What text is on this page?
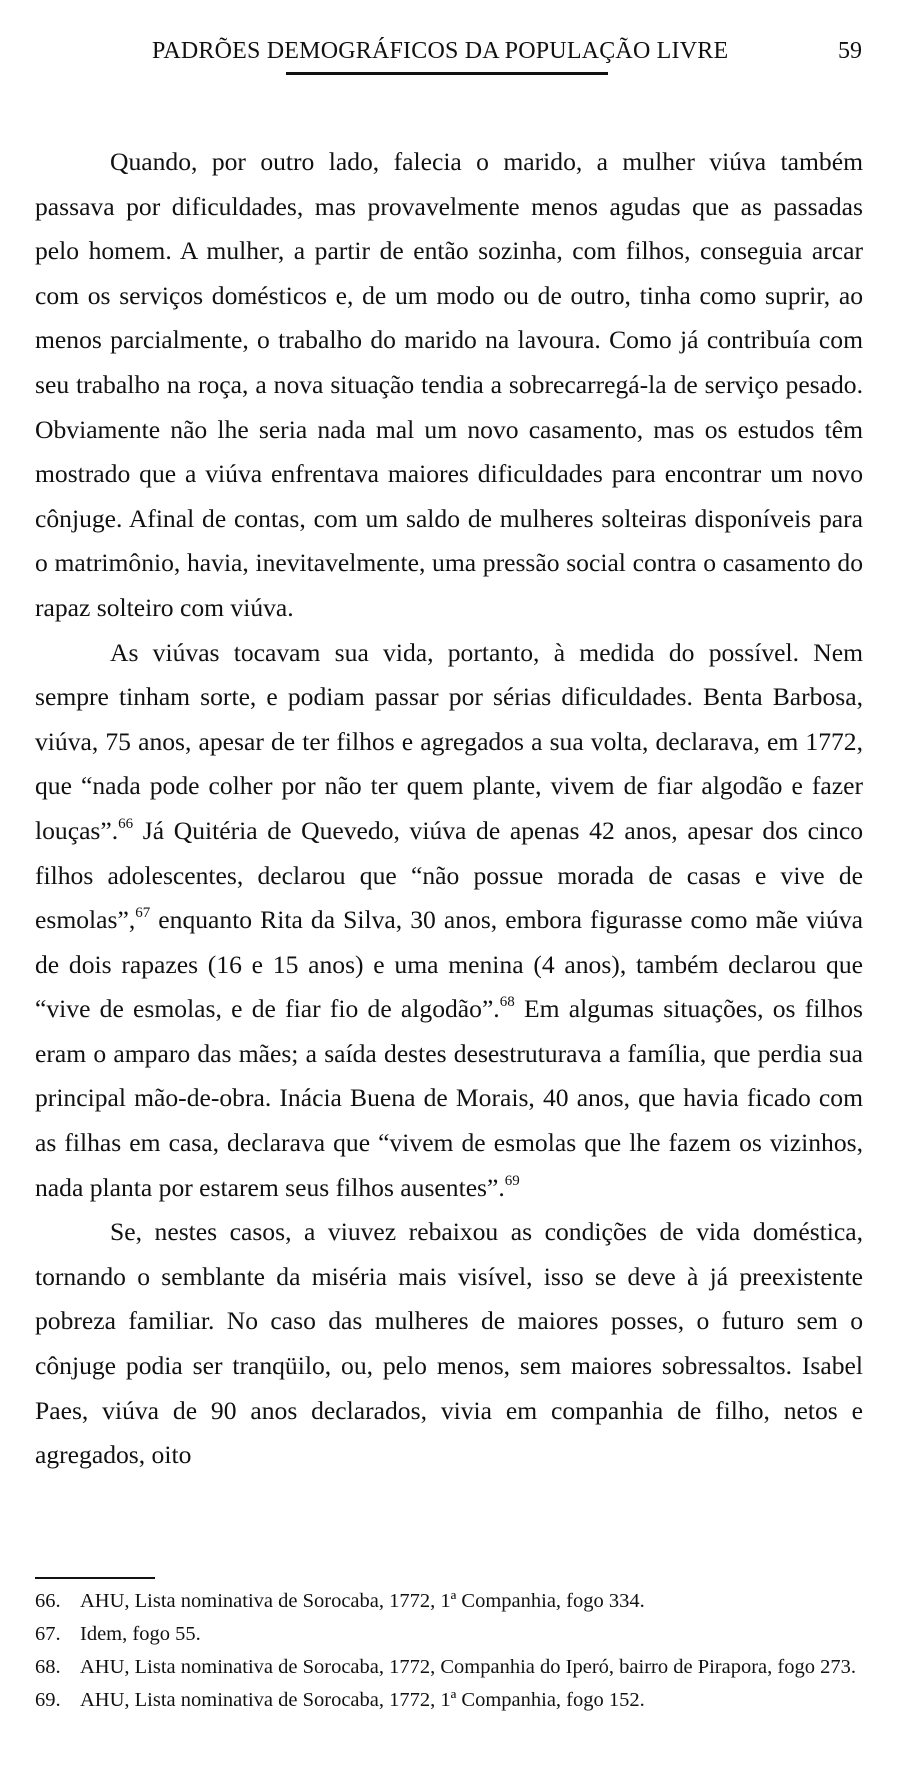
PADRÕES DEMOGRÁFICOS DA POPULAÇÃO LIVRE	59

Quando, por outro lado, falecia o marido, a mulher viúva também passava por dificuldades, mas provavelmente menos agudas que as passadas pelo homem. A mulher, a partir de então sozinha, com filhos, conseguia arcar com os serviços domésticos e, de um modo ou de outro, tinha como suprir, ao menos parcialmente, o trabalho do marido na lavoura. Como já contribuía com seu trabalho na roça, a nova situação tendia a sobrecarregá-la de serviço pesado. Obviamente não lhe seria nada mal um novo casamento, mas os estudos têm mostrado que a viúva enfrentava maiores dificuldades para encontrar um novo cônjuge. Afinal de contas, com um saldo de mulheres solteiras disponíveis para o matrimônio, havia, inevitavelmente, uma pressão social contra o casamento do rapaz solteiro com viúva.

As viúvas tocavam sua vida, portanto, à medida do possível. Nem sempre tinham sorte, e podiam passar por sérias dificuldades. Benta Barbosa, viúva, 75 anos, apesar de ter filhos e agregados a sua volta, declarava, em 1772, que “nada pode colher por não ter quem plante, vivem de fiar algodão e fazer louças”.$^{66}$ Já Quitéria de Quevedo, viúva de apenas 42 anos, apesar dos cinco filhos adolescentes, declarou que “não possue morada de casas e vive de esmolas”,$^{67}$ enquanto Rita da Silva, 30 anos, embora figurasse como mãe viúva de dois rapazes (16 e 15 anos) e uma menina (4 anos), também declarou que “vive de esmolas, e de fiar fio de algodão”.$^{68}$ Em algumas situações, os filhos eram o amparo das mães; a saída destes desestruturava a família, que perdia sua principal mão-de-obra. Inácia Buena de Morais, 40 anos, que havia ficado com as filhas em casa, declarava que “vivem de esmolas que lhe fazem os vizinhos, nada planta por estarem seus filhos ausentes”.$^{69}$

Se, nestes casos, a viuvez rebaixou as condições de vida doméstica, tornando o semblante da miséria mais visível, isso se deve à já preexistente pobreza familiar. No caso das mulheres de maiores posses, o futuro sem o cônjuge podia ser tranqüilo, ou, pelo menos, sem maiores sobressaltos. Isabel Paes, viúva de 90 anos declarados, vivia em companhia de filho, netos e agregados, oito

66. AHU, Lista nominativa de Sorocaba, 1772, 1ª Companhia, fogo 334.
67. Idem, fogo 55.
68. AHU, Lista nominativa de Sorocaba, 1772, Companhia do Iperó, bairro de Pirapora, fogo 273.
69. AHU, Lista nominativa de Sorocaba, 1772, 1ª Companhia, fogo 152.
